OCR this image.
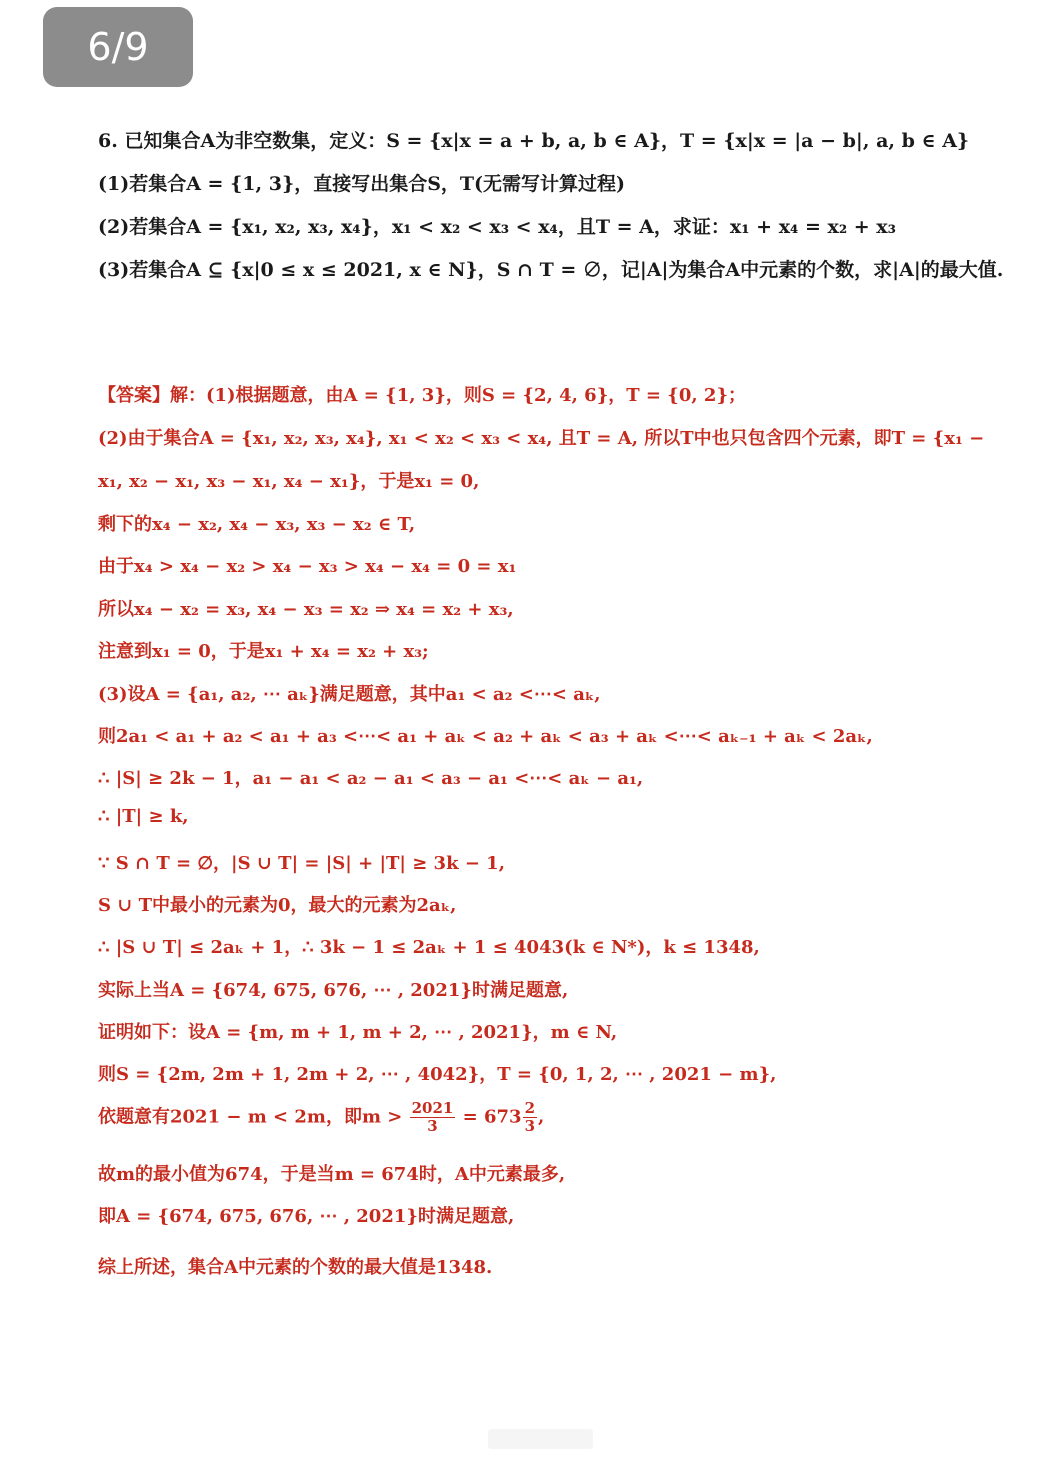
6/9
6. 已知集合A为非空数集，定义：S = {x|x = a + b, a, b ∈ A}，T = {x|x = |a − b|, a, b ∈ A}
(1)若集合A = {1, 3}，直接写出集合S，T(无需写计算过程)
(2)若集合A = {x₁, x₂, x₃, x₄}，x₁ < x₂ < x₃ < x₄，且T = A，求证：x₁ + x₄ = x₂ + x₃
(3)若集合A ⊆ {x|0 ≤ x ≤ 2021, x ∈ N}，S ∩ T = ∅，记|A|为集合A中元素的个数，求|A|的最大值.
【答案】解：(1)根据题意，由A = {1, 3}，则S = {2, 4, 6}，T = {0, 2}；
(2)由于集合A = {x₁, x₂, x₃, x₄}, x₁ < x₂ < x₃ < x₄, 且T = A, 所以T中也只包含四个元素，即T = {x₁ −
x₁, x₂ − x₁, x₃ − x₁, x₄ − x₁}，于是x₁ = 0,
剩下的x₄ − x₂, x₄ − x₃, x₃ − x₂ ∈ T,
由于x₄ > x₄ − x₂ > x₄ − x₃ > x₄ − x₄ = 0 = x₁
所以x₄ − x₂ = x₃, x₄ − x₃ = x₂ ⇒ x₄ = x₂ + x₃,
注意到x₁ = 0，于是x₁ + x₄ = x₂ + x₃;
(3)设A = {a₁, a₂, ⋯ aₖ}满足题意，其中a₁ < a₂ <⋯< aₖ,
则2a₁ < a₁ + a₂ < a₁ + a₃ <⋯< a₁ + aₖ < a₂ + aₖ < a₃ + aₖ <⋯< aₖ₋₁ + aₖ < 2aₖ,
∴ |S| ≥ 2k − 1，a₁ − a₁ < a₂ − a₁ < a₃ − a₁ <⋯< aₖ − a₁,
∴ |T| ≥ k,
∵ S ∩ T = ∅，|S ∪ T| = |S| + |T| ≥ 3k − 1,
S ∪ T中最小的元素为0，最大的元素为2aₖ,
∴ |S ∪ T| ≤ 2aₖ + 1，∴ 3k − 1 ≤ 2aₖ + 1 ≤ 4043(k ∈ N*)，k ≤ 1348,
实际上当A = {674, 675, 676, ⋯ , 2021}时满足题意,
证明如下：设A = {m, m + 1, m + 2, ⋯ , 2021}，m ∈ N,
则S = {2m, 2m + 1, 2m + 2, ⋯ , 4042}，T = {0, 1, 2, ⋯ , 2021 − m},
依题意有2021 − m < 2m，即$m > \frac{2021}{3} = 673 \frac{2}{3}$ ,
故m的最小值为674，于是当m = 674时，A中元素最多,
即A = {674, 675, 676, ⋯ , 2021}时满足题意,
综上所述，集合A中元素的个数的最大值是1348.
